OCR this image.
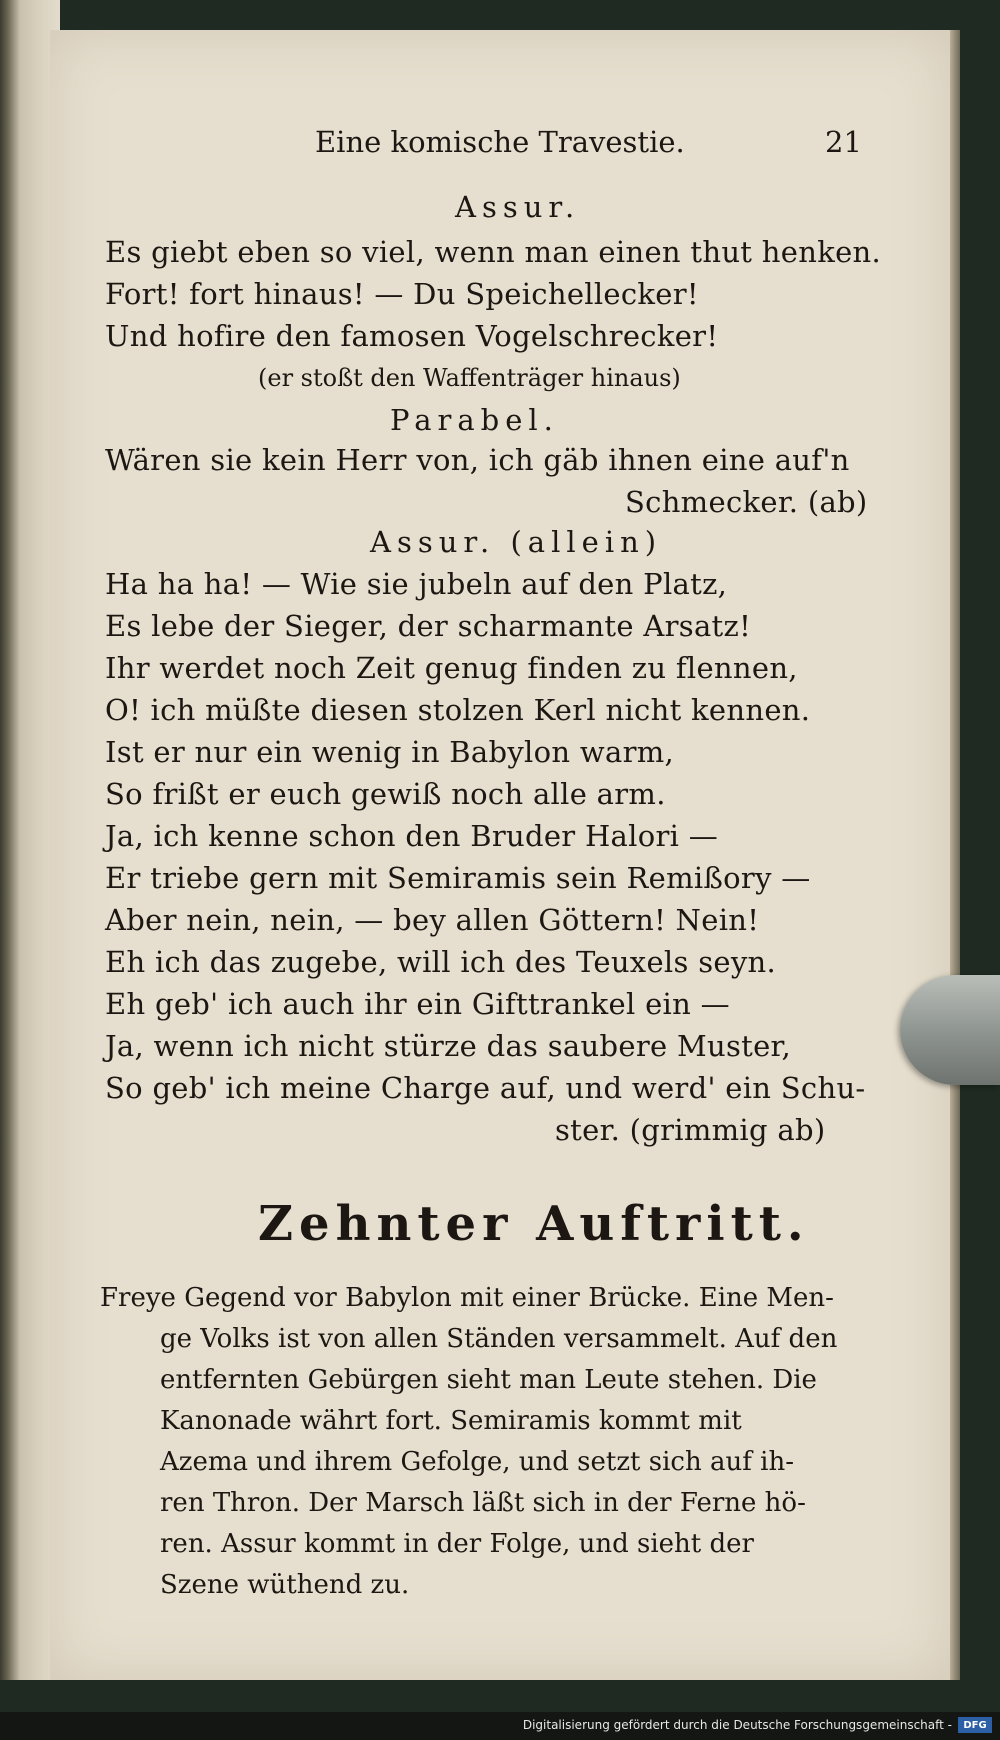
Eine komische Travestie.	21
Assur.
Es giebt eben so viel, wenn man einen thut henken.
Fort! fort hinaus! — Du Speichellecker!
Und hofire den famosen Vogelschrecker!
(er stoßt den Waffenträger hinaus)
Parabel.
Wären sie kein Herr von, ich gäb ihnen eine auf'n
Schmecker. (ab)
Assur. (allein)
Ha ha ha! — Wie sie jubeln auf den Platz,
Es lebe der Sieger, der scharmante Arsatz!
Ihr werdet noch Zeit genug finden zu flennen,
O! ich müßte diesen stolzen Kerl nicht kennen.
Ist er nur ein wenig in Babylon warm,
So frißt er euch gewiß noch alle arm.
Ja, ich kenne schon den Bruder Halori —
Er triebe gern mit Semiramis sein Remißory —
Aber nein, nein, — bey allen Göttern! Nein!
Eh ich das zugebe, will ich des Teuxels seyn.
Eh geb' ich auch ihr ein Gifttrankel ein —
Ja, wenn ich nicht stürze das saubere Muster,
So geb' ich meine Charge auf, und werd' ein Schu-
ster. (grimmig ab)
Zehnter Auftritt.
Freye Gegend vor Babylon mit einer Brücke. Eine Men-
ge Volks ist von allen Ständen versammelt. Auf den
entfernten Gebürgen sieht man Leute stehen. Die
Kanonade währt fort. Semiramis kommt mit
Azema und ihrem Gefolge, und setzt sich auf ih-
ren Thron. Der Marsch läßt sich in der Ferne hö-
ren. Assur kommt in der Folge, und sieht der
Szene wüthend zu.
Digitalisierung gefördert durch die Deutsche Forschungsgemeinschaft -	DFG
